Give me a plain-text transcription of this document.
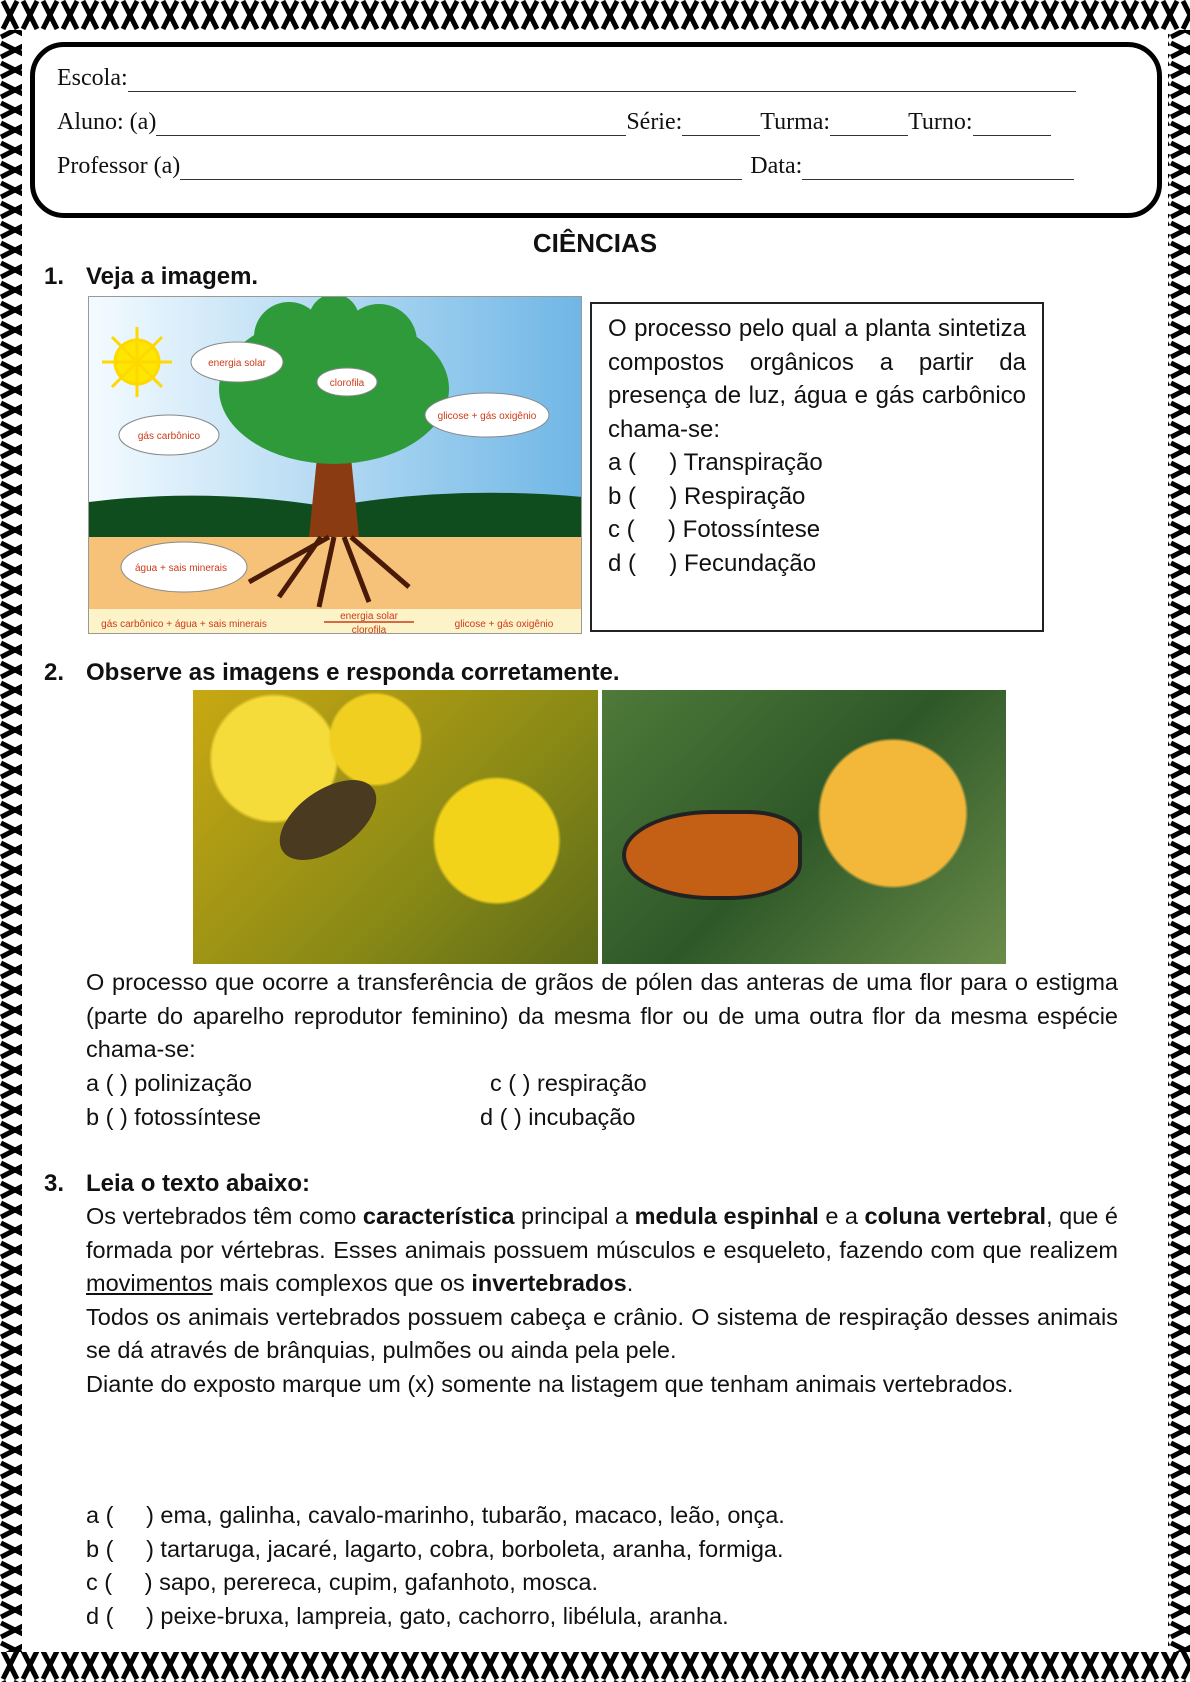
Escola:
Aluno: (a)	Série:	Turma:	Turno:
Professor (a)	Data:
CIÊNCIAS
1. Veja a imagem.
energia solar
clorofila
gás carbônico
glicose + gás oxigênio
água + sais minerais
gás carbônico + água + sais minerais
energia solar
clorofila
glicose + gás oxigênio
O processo pelo qual a planta sintetiza compostos orgânicos a partir da presença de luz, água e gás carbônico chama-se:
a (     ) Transpiração
b (     ) Respiração
c (     ) Fotossíntese
d (     ) Fecundação
2. Observe as imagens e responda corretamente.
O processo que ocorre a transferência de grãos de pólen das anteras de uma flor para o estigma (parte do aparelho reprodutor feminino) da mesma flor ou de uma outra flor da mesma espécie chama-se:
a ( ) polinização
b ( ) fotossíntese
c ( ) respiração
d ( ) incubação
3. Leia o texto abaixo:
Os vertebrados têm como característica principal a medula espinhal e a coluna vertebral, que é formada por vértebras. Esses animais possuem músculos e esqueleto, fazendo com que realizem movimentos mais complexos que os invertebrados.
Todos os animais vertebrados possuem cabeça e crânio. O sistema de respiração desses animais se dá através de brânquias, pulmões ou ainda pela pele.
Diante do exposto marque um (x) somente na listagem que tenham animais vertebrados.
a (     ) ema, galinha, cavalo-marinho, tubarão, macaco, leão, onça.
b (     ) tartaruga, jacaré, lagarto, cobra, borboleta, aranha, formiga.
c (     ) sapo, perereca, cupim, gafanhoto, mosca.
d (     ) peixe-bruxa, lampreia, gato, cachorro, libélula, aranha.
